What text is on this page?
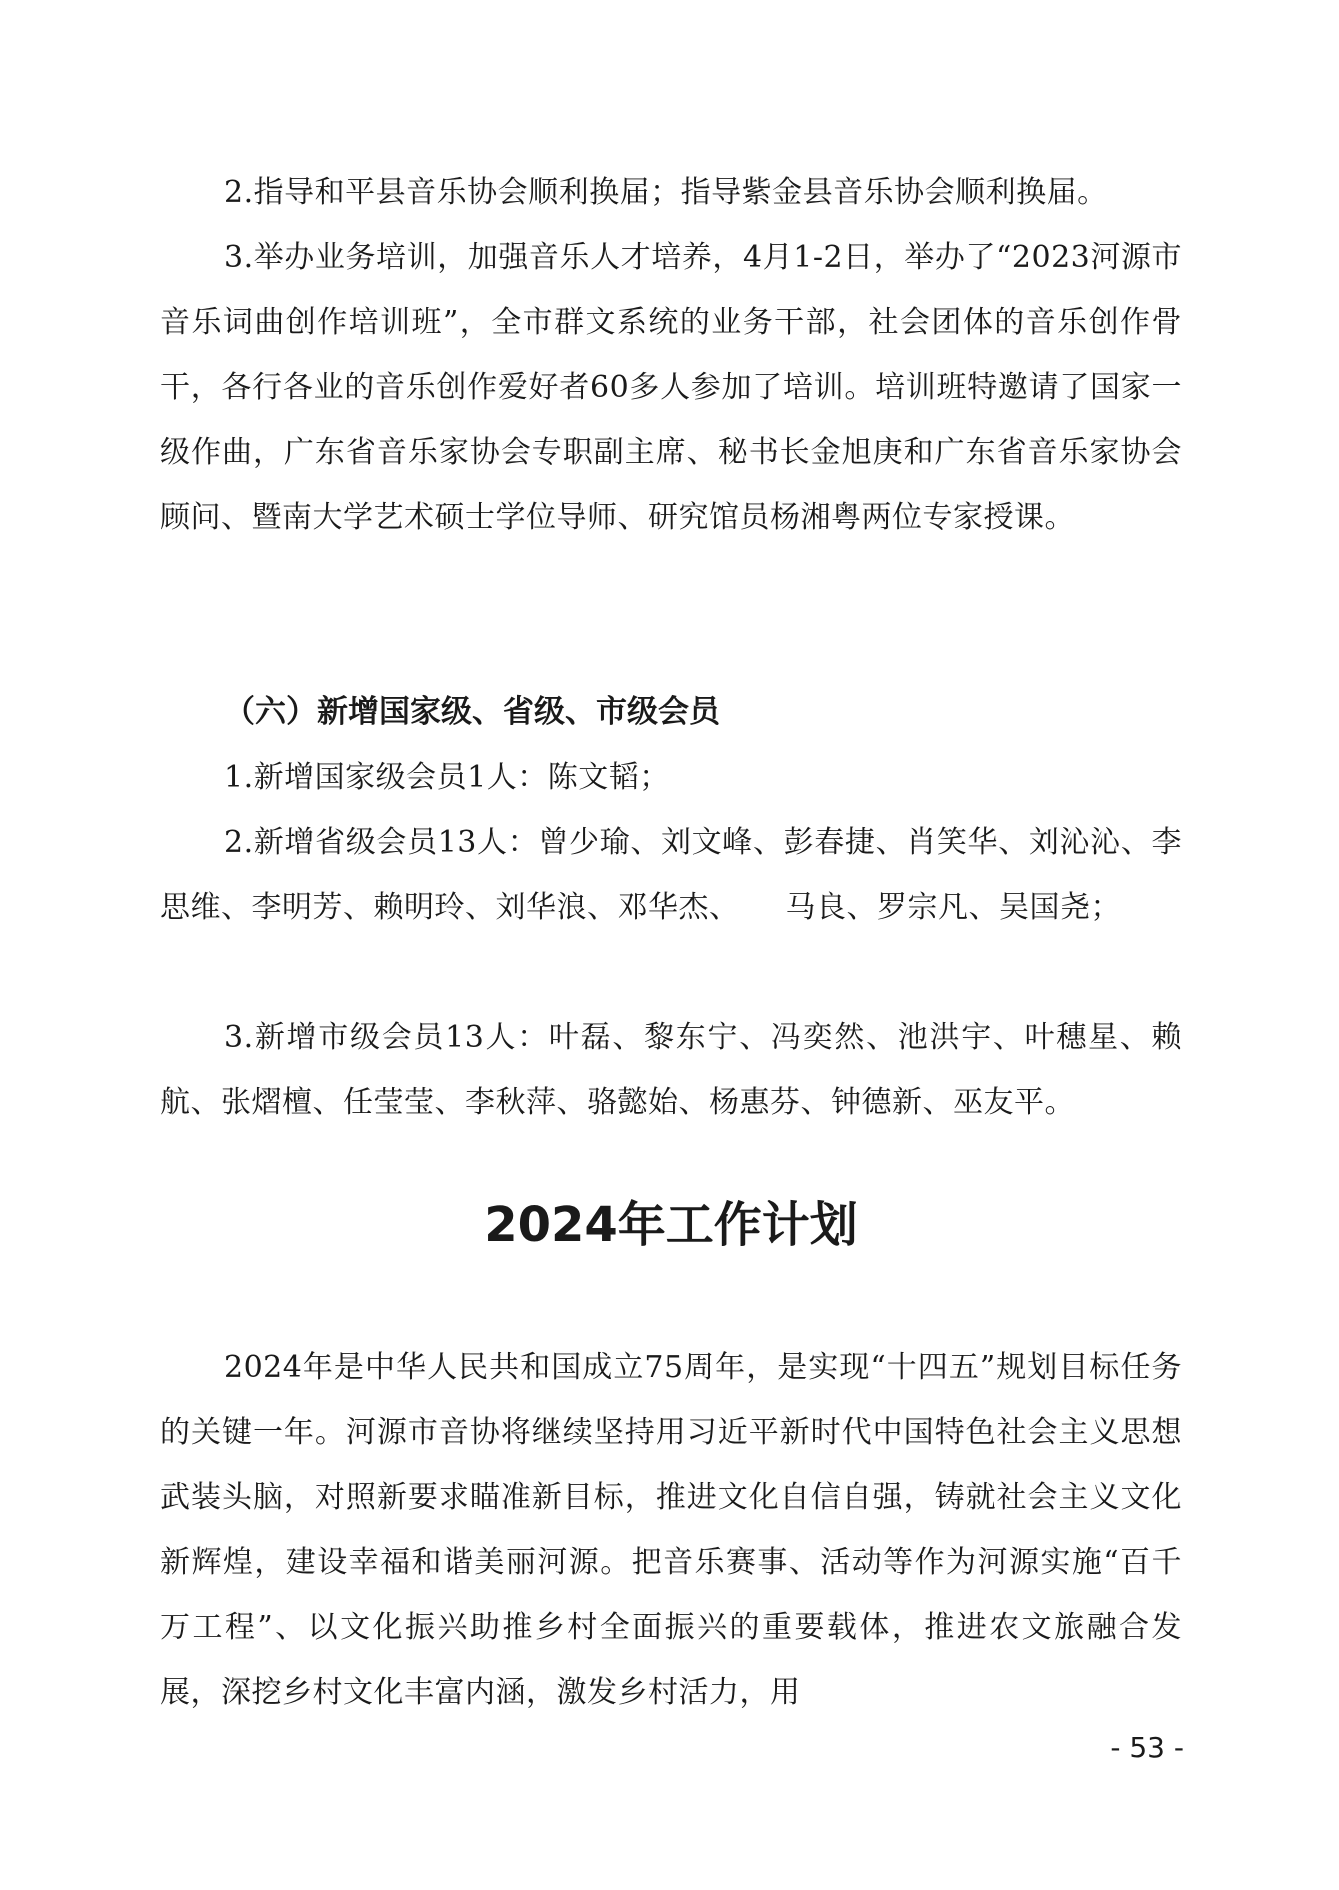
2.指导和平县音乐协会顺利换届；指导紫金县音乐协会顺利换届。

3.举办业务培训，加强音乐人才培养，4月1-2日，举办了“2023河源市音乐词曲创作培训班”，全市群文系统的业务干部，社会团体的音乐创作骨干，各行各业的音乐创作爱好者60多人参加了培训。培训班特邀请了国家一级作曲，广东省音乐家协会专职副主席、秘书长金旭庚和广东省音乐家协会顾问、暨南大学艺术硕士学位导师、研究馆员杨湘粤两位专家授课。

（六）新增国家级、省级、市级会员

1.新增国家级会员1人：陈文韬；

2.新增省级会员13人：曾少瑜、刘文峰、彭春捷、肖笑华、刘沁沁、李思维、李明芳、赖明玲、刘华浪、邓华杰、　　马良、罗宗凡、吴国尧；

3.新增市级会员13人：叶磊、黎东宁、冯奕然、池洪宇、叶穗星、赖航、张熠檀、任莹莹、李秋萍、骆懿始、杨惠芬、钟德新、巫友平。

2024年工作计划

2024年是中华人民共和国成立75周年，是实现“十四五”规划目标任务的关键一年。河源市音协将继续坚持用习近平新时代中国特色社会主义思想武装头脑，对照新要求瞄准新目标，推进文化自信自强，铸就社会主义文化新辉煌，建设幸福和谐美丽河源。把音乐赛事、活动等作为河源实施“百千万工程”、以文化振兴助推乡村全面振兴的重要载体，推进农文旅融合发展，深挖乡村文化丰富内涵，激发乡村活力，用

- 53 -
